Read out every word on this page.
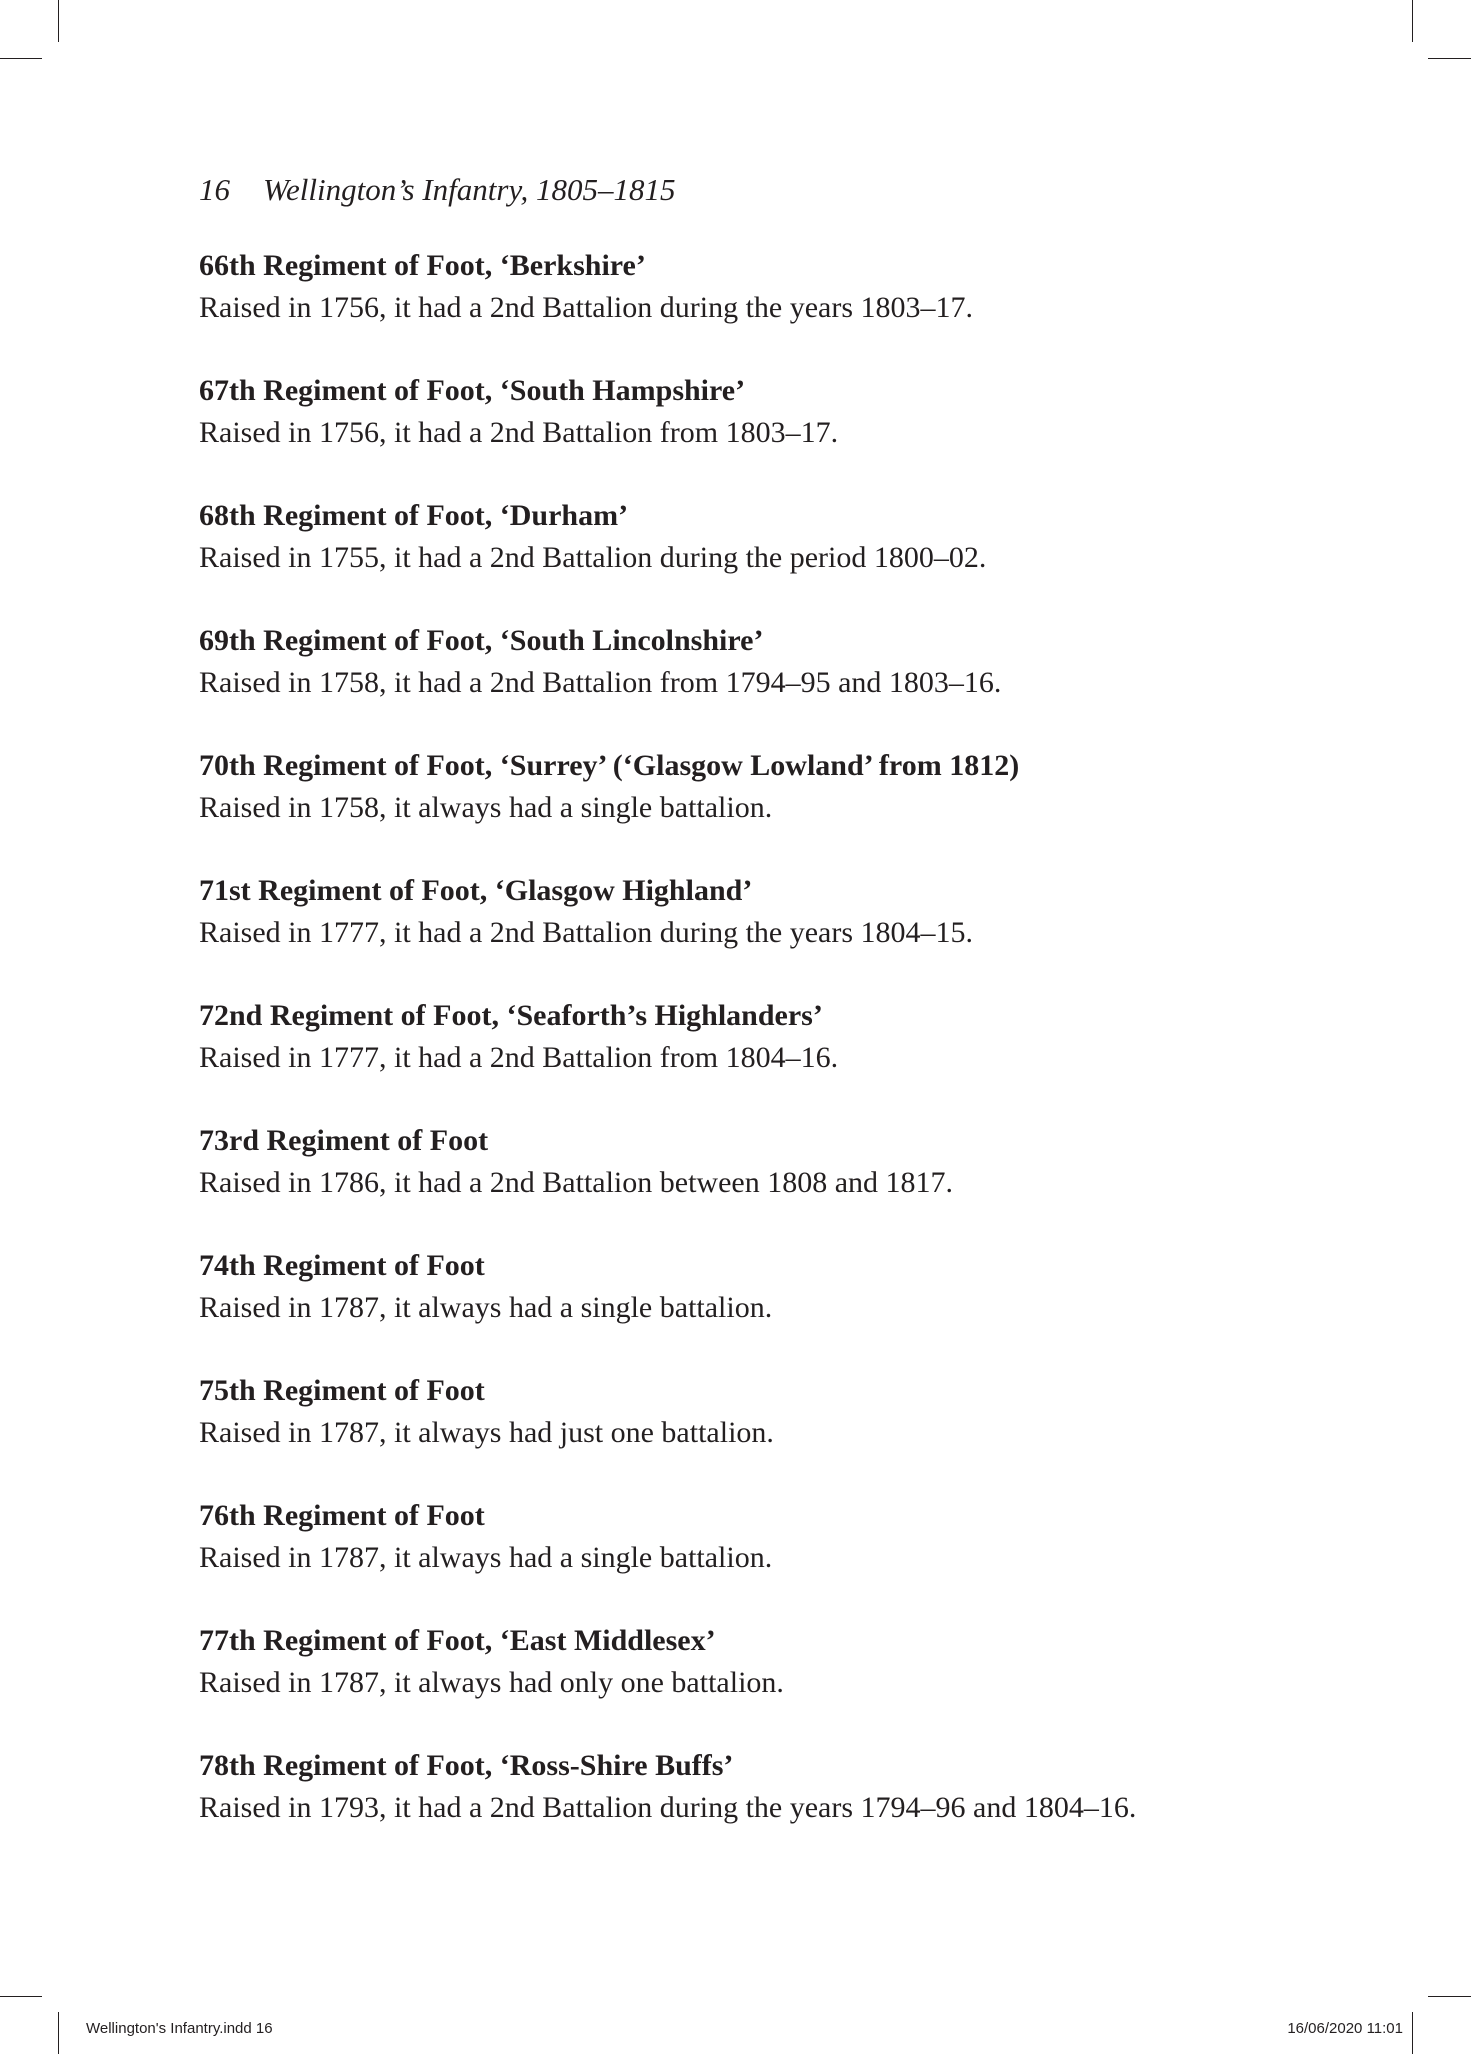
16 Wellington’s Infantry, 1805–1815
66th Regiment of Foot, ‘Berkshire’
Raised in 1756, it had a 2nd Battalion during the years 1803–17.
67th Regiment of Foot, ‘South Hampshire’
Raised in 1756, it had a 2nd Battalion from 1803–17.
68th Regiment of Foot, ‘Durham’
Raised in 1755, it had a 2nd Battalion during the period 1800–02.
69th Regiment of Foot, ‘South Lincolnshire’
Raised in 1758, it had a 2nd Battalion from 1794–95 and 1803–16.
70th Regiment of Foot, ‘Surrey’ (‘Glasgow Lowland’ from 1812)
Raised in 1758, it always had a single battalion.
71st Regiment of Foot, ‘Glasgow Highland’
Raised in 1777, it had a 2nd Battalion during the years 1804–15.
72nd Regiment of Foot, ‘Seaforth’s Highlanders’
Raised in 1777, it had a 2nd Battalion from 1804–16.
73rd Regiment of Foot
Raised in 1786, it had a 2nd Battalion between 1808 and 1817.
74th Regiment of Foot
Raised in 1787, it always had a single battalion.
75th Regiment of Foot
Raised in 1787, it always had just one battalion.
76th Regiment of Foot
Raised in 1787, it always had a single battalion.
77th Regiment of Foot, ‘East Middlesex’
Raised in 1787, it always had only one battalion.
78th Regiment of Foot, ‘Ross-Shire Buffs’
Raised in 1793, it had a 2nd Battalion during the years 1794–96 and 1804–16.
Wellington's Infantry.indd 16	16/06/2020 11:01
